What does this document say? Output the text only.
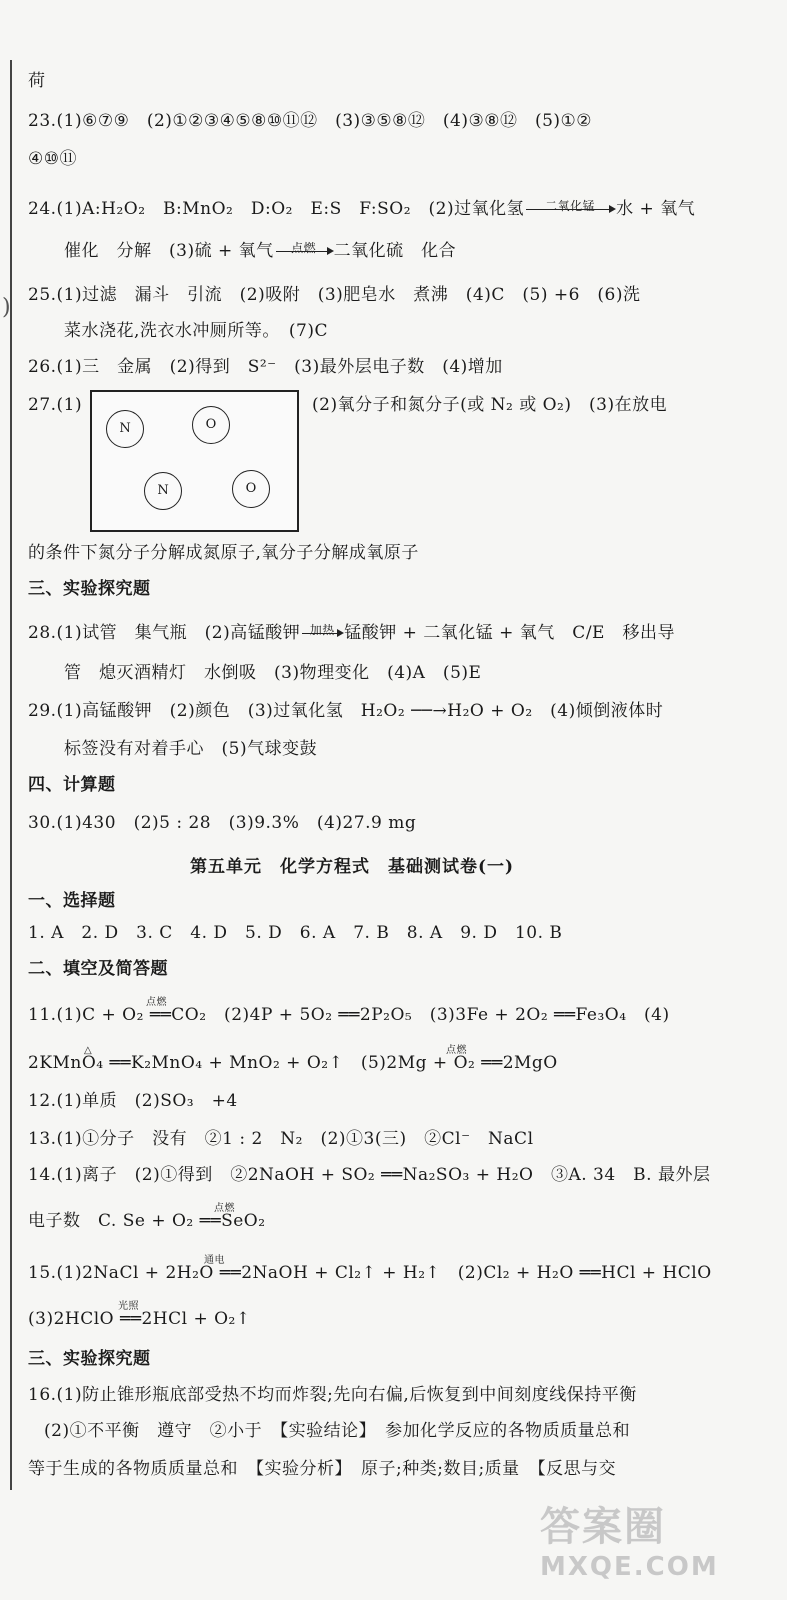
)
荷
23.(1)⑥⑦⑨　(2)①②③④⑤⑧⑩⑪⑫　(3)③⑤⑧⑫　(4)③⑧⑫　(5)①②
④⑩⑪
24.(1)A:H₂O₂　B:MnO₂　D:O₂　E:S　F:SO₂　(2)过氧化氢	二氧化锰	水 + 氧气
催化　分解　(3)硫 + 氧气	点燃	二氧化硫　化合
25.(1)过滤　漏斗　引流　(2)吸附　(3)肥皂水　煮沸　(4)C　(5) +6　(6)洗
菜水浇花,洗衣水冲厕所等。　(7)C
26.(1)三　金属　(2)得到　S²⁻　(3)最外层电子数　(4)增加
27.(1)
N	O
N	O
(2)氧分子和氮分子(或 N₂ 或 O₂)　(3)在放电
的条件下氮分子分解成氮原子,氧分子分解成氧原子
三、实验探究题
28.(1)试管　集气瓶　(2)高锰酸钾 加热 锰酸钾 + 二氧化锰 + 氧气　C/E　移出导
管　熄灭酒精灯　水倒吸　(3)物理变化　(4)A　(5)E
29.(1)高锰酸钾　(2)颜色　(3)过氧化氢　H₂O₂ ──→H₂O + O₂　(4)倾倒液体时
标签没有对着手心　(5)气球变鼓
四、计算题
30.(1)430　(2)5 : 28　(3)9.3%　(4)27.9 mg
第五单元　化学方程式　基础测试卷(一)
一、选择题
1. A　2. D　3. C　4. D　5. D　6. A　7. B　8. A　9. D　10. B
二、填空及简答题
点燃
11.(1)C + O₂ ══CO₂　(2)4P + 5O₂ ══2P₂O₅　(3)3Fe + 2O₂ ══Fe₃O₄　(4)
△	点燃
2KMnO₄ ══K₂MnO₄ + MnO₂ + O₂↑　(5)2Mg + O₂ ══2MgO
12.(1)单质　(2)SO₃　+4
13.(1)①分子　没有　②1 : 2　N₂　(2)①3(三)　②Cl⁻　NaCl
14.(1)离子　(2)①得到　②2NaOH + SO₂ ══Na₂SO₃ + H₂O　③A. 34　B. 最外层
点燃
电子数　C. Se + O₂ ══SeO₂
通电
15.(1)2NaCl + 2H₂O ══2NaOH + Cl₂↑ + H₂↑　(2)Cl₂ + H₂O ══HCl + HClO
光照
(3)2HClO ══2HCl + O₂↑
三、实验探究题
16.(1)防止锥形瓶底部受热不均而炸裂;先向右偏,后恢复到中间刻度线保持平衡
(2)①不平衡　遵守　②小于　【实验结论】　参加化学反应的各物质质量总和
等于生成的各物质质量总和　【实验分析】　原子;种类;数目;质量　【反思与交
答案圈
MXQE.COM
